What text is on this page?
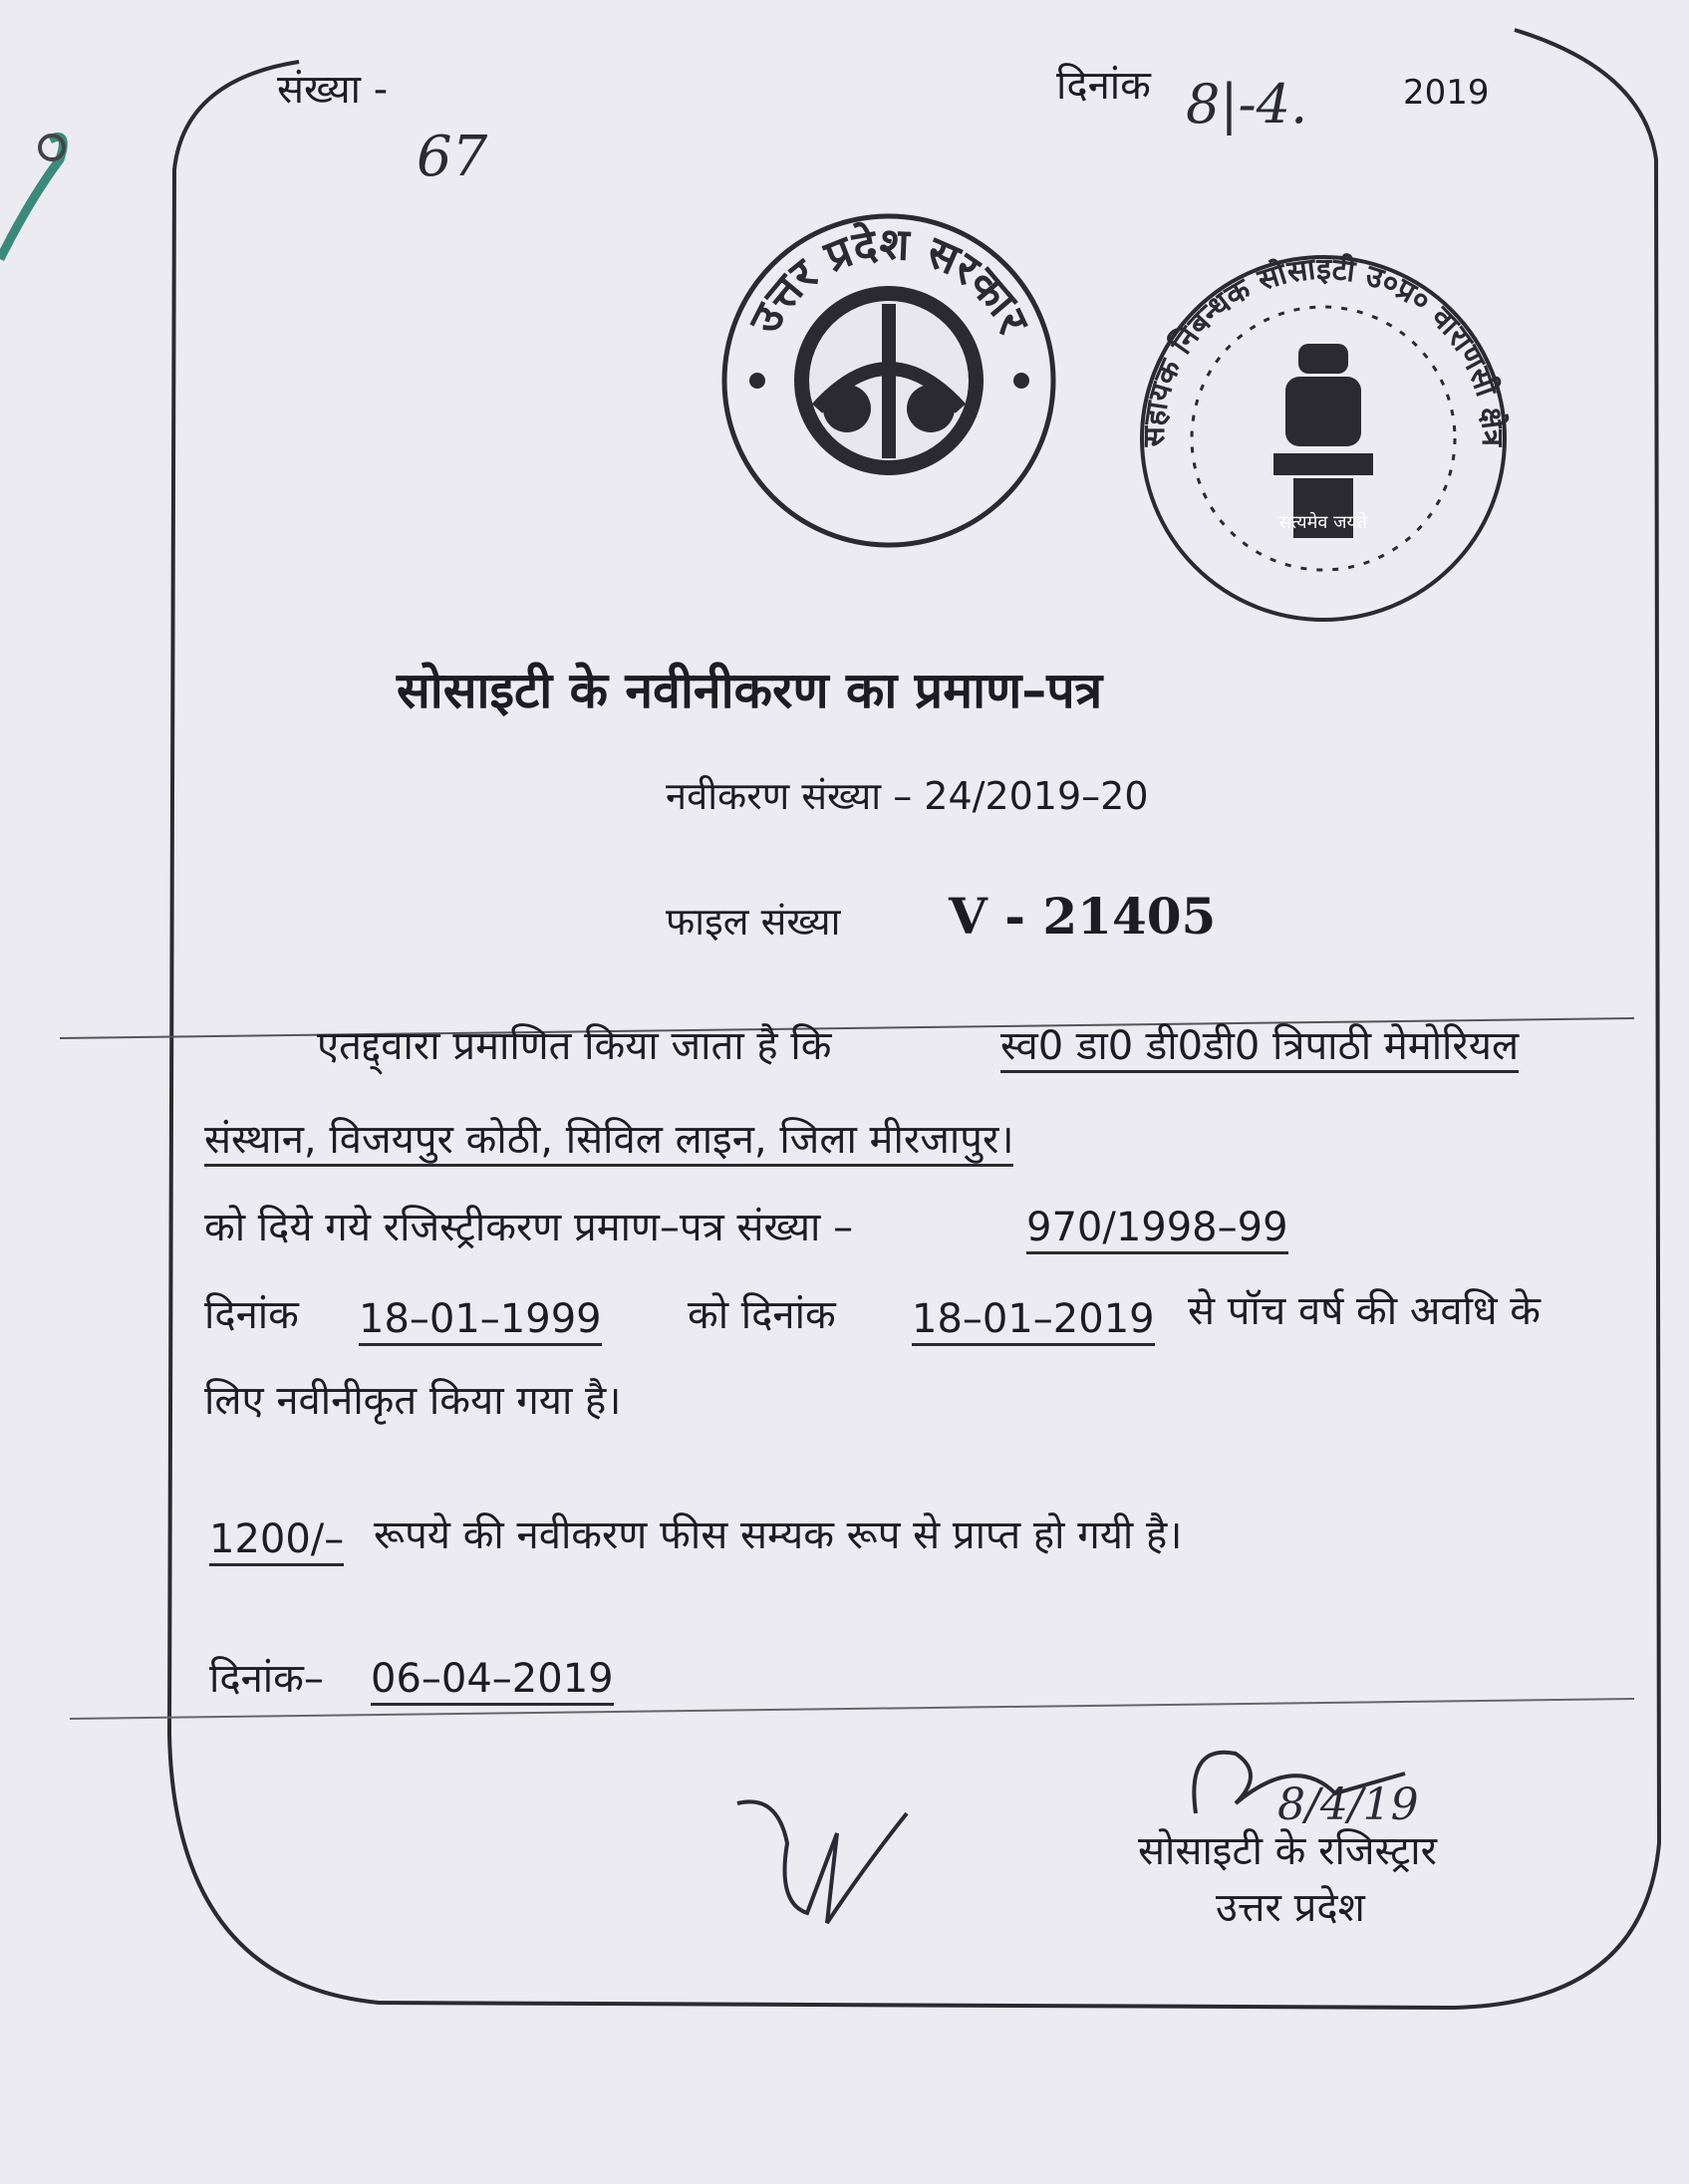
संख्या -
67
दिनांक 8|-4.	2019
उत्तर प्रदेश सरकार
सत्यमेव जयते
सहायक निबन्धक सोसाइटी उ०प्र० वाराणसी क्षेत्र
सोसाइटी के नवीनीकरण का प्रमाण–पत्र
नवीकरण संख्या – 24/2019–20
फाइल संख्या V - 21405
एतद्द्वारा प्रमाणित किया जाता है कि	स्व0 डा0 डी0डी0 त्रिपाठी मेमोरियल
संस्थान, विजयपुर कोठी, सिविल लाइन, जिला मीरजापुर।
को दिये गये रजिस्ट्रीकरण प्रमाण–पत्र संख्या –	970/1998–99
दिनांक 18–01–1999 को दिनांक 18–01–2019 से पॉच वर्ष की अवधि के
लिए नवीनीकृत किया गया है।
1200/– रूपये की नवीकरण फीस सम्यक रूप से प्राप्त हो गयी है।
दिनांक– 06–04–2019
8/4/19
सोसाइटी के रजिस्ट्रार
उत्तर प्रदेश
